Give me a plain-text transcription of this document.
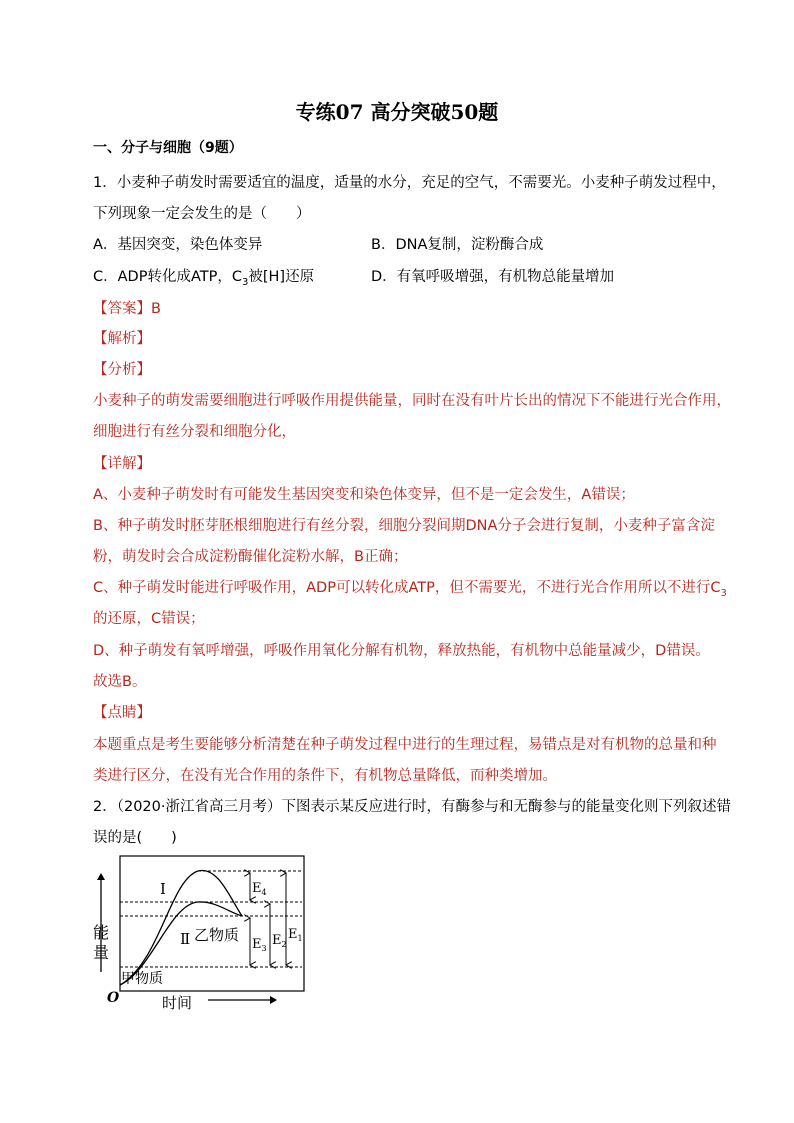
专练07 高分突破50题
一、分子与细胞（9题）
1．小麦种子萌发时需要适宜的温度，适量的水分，充足的空气，不需要光。小麦种子萌发过程中，
下列现象一定会发生的是（　　）
A．基因突变，染色体变异	B．DNA复制，淀粉酶合成
C．ADP转化成ATP，$C_3$被[H]还原	D．有氧呼吸增强，有机物总能量增加
【答案】B
【解析】
【分析】
小麦种子的萌发需要细胞进行呼吸作用提供能量，同时在没有叶片长出的情况下不能进行光合作用，
细胞进行有丝分裂和细胞分化，
【详解】
A、小麦种子萌发时有可能发生基因突变和染色体变异，但不是一定会发生，A错误；
B、种子萌发时胚芽胚根细胞进行有丝分裂，细胞分裂间期DNA分子会进行复制，小麦种子富含淀
粉，萌发时会合成淀粉酶催化淀粉水解，B正确；
C、种子萌发时能进行呼吸作用，ADP可以转化成ATP，但不需要光，不进行光合作用所以不进行$C_3$
的还原，C错误；
D、种子萌发有氧呼增强，呼吸作用氧化分解有机物，释放热能，有机物中总能量减少，D错误。
故选B。
【点睛】
本题重点是考生要能够分析清楚在种子萌发过程中进行的生理过程，易错点是对有机物的总量和种
类进行区分，在没有光合作用的条件下，有机物总量降低，而种类增加。
2．（2020·浙江省高三月考）下图表示某反应进行时，有酶参与和无酶参与的能量变化则下列叙述错
误的是(　　)
Ⅰ
Ⅱ 乙物质
甲物质
能
量
O	时间
$E_4$
$E_3$
$E_2$
$E_1$
